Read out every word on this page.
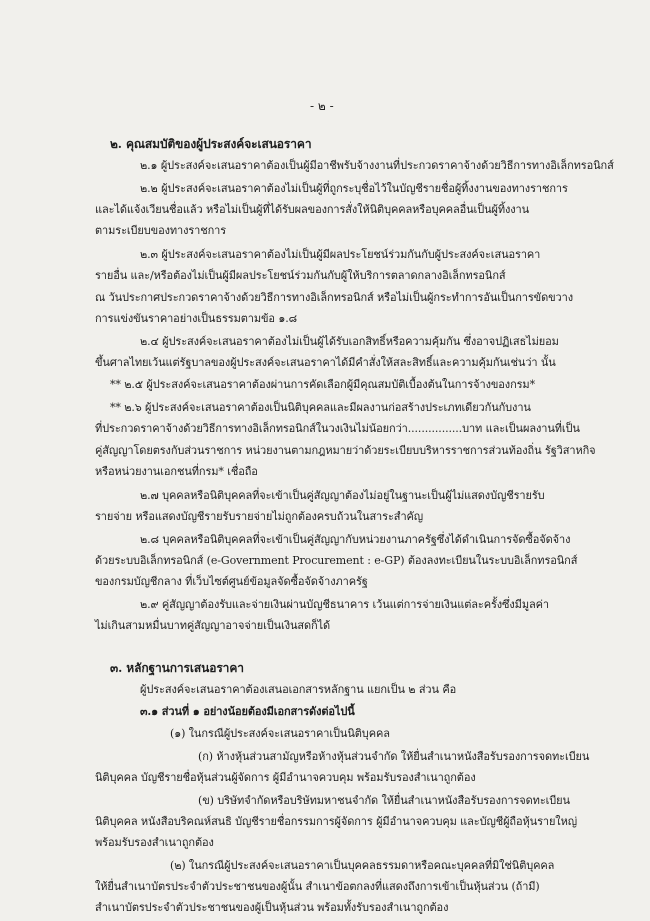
- ๒ -
๒. คุณสมบัติของผู้ประสงค์จะเสนอราคา
๒.๑ ผู้ประสงค์จะเสนอราคาต้องเป็นผู้มีอาชีพรับจ้างงานที่ประกวดราคาจ้างด้วยวิธีการทางอิเล็กทรอนิกส์
๒.๒ ผู้ประสงค์จะเสนอราคาต้องไม่เป็นผู้ที่ถูกระบุชื่อไว้ในบัญชีรายชื่อผู้ทิ้งงานของทางราชการ
และได้แจ้งเวียนชื่อแล้ว หรือไม่เป็นผู้ที่ได้รับผลของการสั่งให้นิติบุคคลหรือบุคคลอื่นเป็นผู้ทิ้งงาน
ตามระเบียบของทางราชการ
๒.๓ ผู้ประสงค์จะเสนอราคาต้องไม่เป็นผู้มีผลประโยชน์ร่วมกันกับผู้ประสงค์จะเสนอราคา
รายอื่น และ/หรือต้องไม่เป็นผู้มีผลประโยชน์ร่วมกันกับผู้ให้บริการตลาดกลางอิเล็กทรอนิกส์
ณ วันประกาศประกวดราคาจ้างด้วยวิธีการทางอิเล็กทรอนิกส์ หรือไม่เป็นผู้กระทำการอันเป็นการขัดขวาง
การแข่งขันราคาอย่างเป็นธรรมตามข้อ ๑.๘
๒.๔ ผู้ประสงค์จะเสนอราคาต้องไม่เป็นผู้ได้รับเอกสิทธิ์หรือความคุ้มกัน ซึ่งอาจปฏิเสธไม่ยอม
ขึ้นศาลไทยเว้นแต่รัฐบาลของผู้ประสงค์จะเสนอราคาได้มีคำสั่งให้สละสิทธิ์และความคุ้มกันเช่นว่า นั้น
** ๒.๕ ผู้ประสงค์จะเสนอราคาต้องผ่านการคัดเลือกผู้มีคุณสมบัติเบื้องต้นในการจ้างของกรม*
** ๒.๖ ผู้ประสงค์จะเสนอราคาต้องเป็นนิติบุคคลและมีผลงานก่อสร้างประเภทเดียวกันกับงาน
ที่ประกวดราคาจ้างด้วยวิธีการทางอิเล็กทรอนิกส์ในวงเงินไม่น้อยกว่า................บาท และเป็นผลงานที่เป็น
คู่สัญญาโดยตรงกับส่วนราชการ หน่วยงานตามกฎหมายว่าด้วยระเบียบบริหารราชการส่วนท้องถิ่น รัฐวิสาหกิจ
หรือหน่วยงานเอกชนที่กรม* เชื่อถือ
๒.๗ บุคคลหรือนิติบุคคลที่จะเข้าเป็นคู่สัญญาต้องไม่อยู่ในฐานะเป็นผู้ไม่แสดงบัญชีรายรับ
รายจ่าย หรือแสดงบัญชีรายรับรายจ่ายไม่ถูกต้องครบถ้วนในสาระสำคัญ
๒.๘ บุคคลหรือนิติบุคคลที่จะเข้าเป็นคู่สัญญากับหน่วยงานภาครัฐซึ่งได้ดำเนินการจัดซื้อจัดจ้าง
ด้วยระบบอิเล็กทรอนิกส์ (e-Government Procurement : e-GP) ต้องลงทะเบียนในระบบอิเล็กทรอนิกส์
ของกรมบัญชีกลาง ที่เว็บไซต์ศูนย์ข้อมูลจัดซื้อจัดจ้างภาครัฐ
๒.๙ คู่สัญญาต้องรับและจ่ายเงินผ่านบัญชีธนาคาร เว้นแต่การจ่ายเงินแต่ละครั้งซึ่งมีมูลค่า
ไม่เกินสามหมื่นบาทคู่สัญญาอาจจ่ายเป็นเงินสดก็ได้
๓. หลักฐานการเสนอราคา
ผู้ประสงค์จะเสนอราคาต้องเสนอเอกสารหลักฐาน แยกเป็น ๒ ส่วน คือ
๓.๑ ส่วนที่ ๑ อย่างน้อยต้องมีเอกสารดังต่อไปนี้
(๑) ในกรณีผู้ประสงค์จะเสนอราคาเป็นนิติบุคคล
(ก) ห้างหุ้นส่วนสามัญหรือห้างหุ้นส่วนจำกัด ให้ยื่นสำเนาหนังสือรับรองการจดทะเบียน
นิติบุคคล บัญชีรายชื่อหุ้นส่วนผู้จัดการ ผู้มีอำนาจควบคุม พร้อมรับรองสำเนาถูกต้อง
(ข) บริษัทจำกัดหรือบริษัทมหาชนจำกัด ให้ยื่นสำเนาหนังสือรับรองการจดทะเบียน
นิติบุคคล หนังสือบริคณห์สนธิ บัญชีรายชื่อกรรมการผู้จัดการ ผู้มีอำนาจควบคุม และบัญชีผู้ถือหุ้นรายใหญ่
พร้อมรับรองสำเนาถูกต้อง
(๒) ในกรณีผู้ประสงค์จะเสนอราคาเป็นบุคคลธรรมดาหรือคณะบุคคลที่มิใช่นิติบุคคล
ให้ยื่นสำเนาบัตรประจำตัวประชาชนของผู้นั้น สำเนาข้อตกลงที่แสดงถึงการเข้าเป็นหุ้นส่วน (ถ้ามี)
สำเนาบัตรประจำตัวประชาชนของผู้เป็นหุ้นส่วน พร้อมทั้งรับรองสำเนาถูกต้อง
